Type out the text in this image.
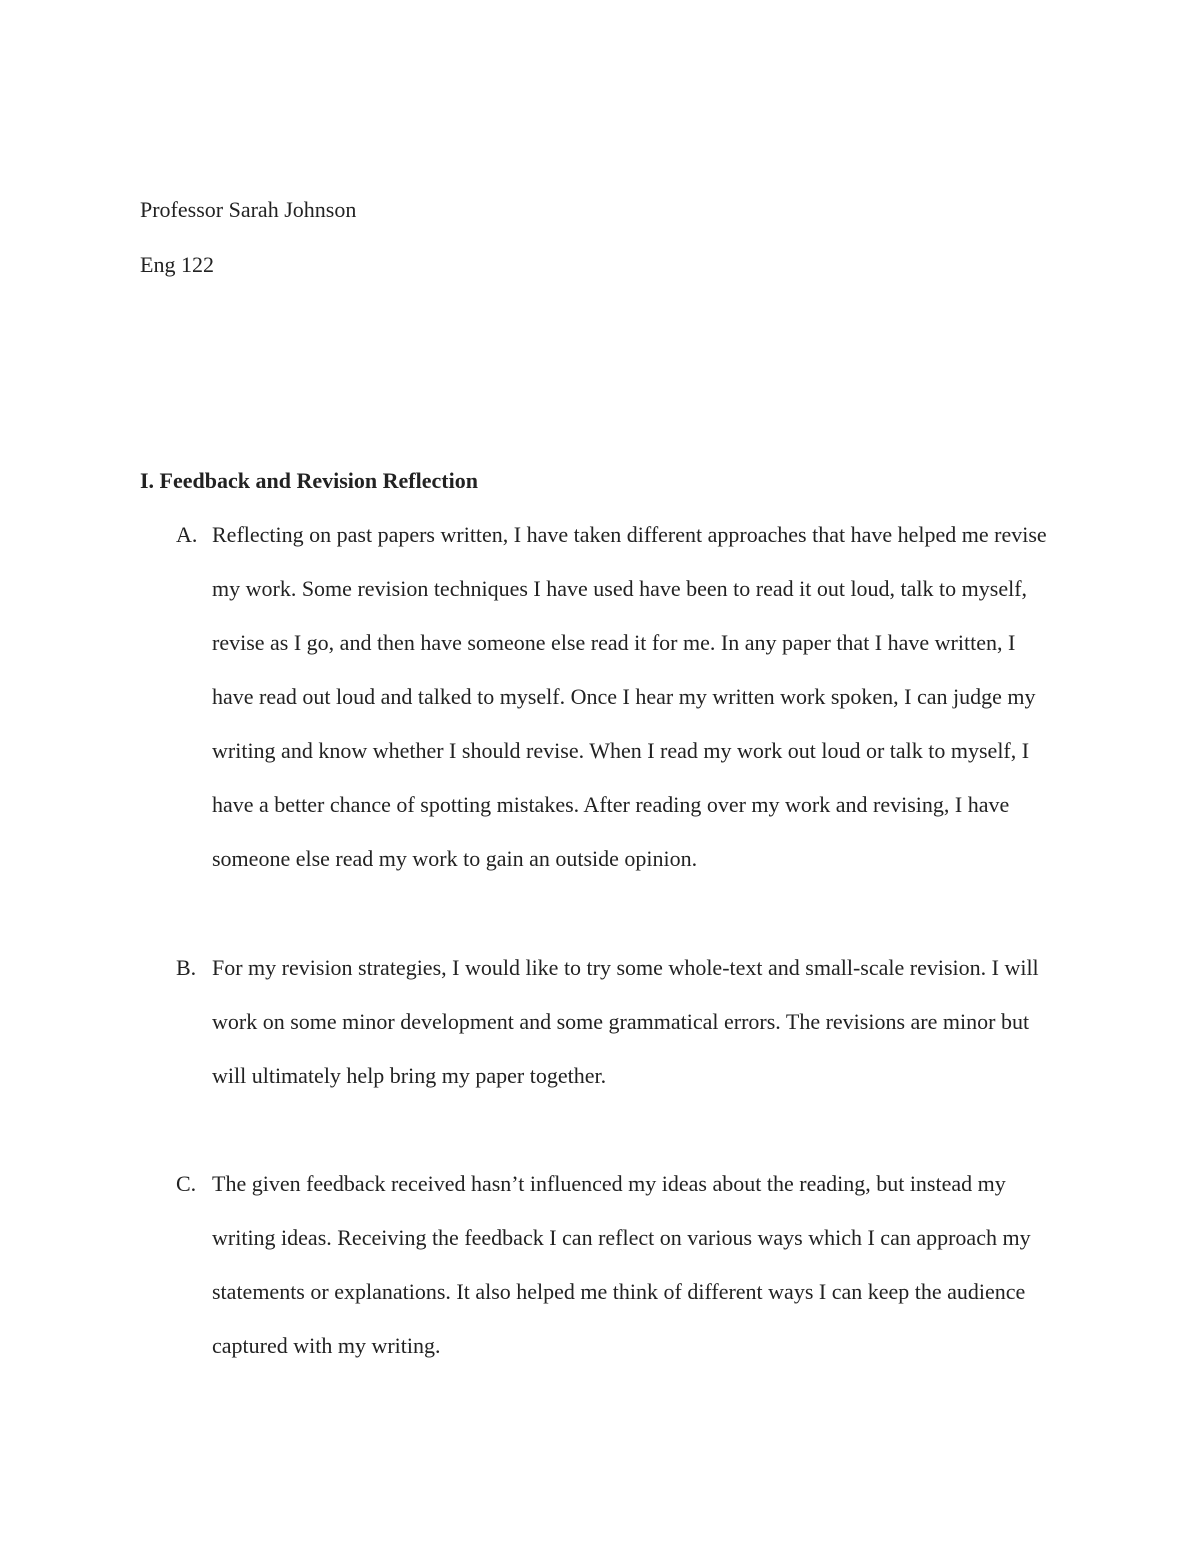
Professor Sarah Johnson
Eng 122
I. Feedback and Revision Reflection
A. Reflecting on past papers written, I have taken different approaches that have helped me revise my work. Some revision techniques I have used have been to read it out loud, talk to myself, revise as I go, and then have someone else read it for me. In any paper that I have written, I have read out loud and talked to myself. Once I hear my written work spoken, I can judge my writing and know whether I should revise. When I read my work out loud or talk to myself, I have a better chance of spotting mistakes. After reading over my work and revising, I have someone else read my work to gain an outside opinion.
B. For my revision strategies, I would like to try some whole-text and small-scale revision. I will work on some minor development and some grammatical errors. The revisions are minor but will ultimately help bring my paper together.
C. The given feedback received hasn’t influenced my ideas about the reading, but instead my writing ideas. Receiving the feedback I can reflect on various ways which I can approach my statements or explanations. It also helped me think of different ways I can keep the audience captured with my writing.
